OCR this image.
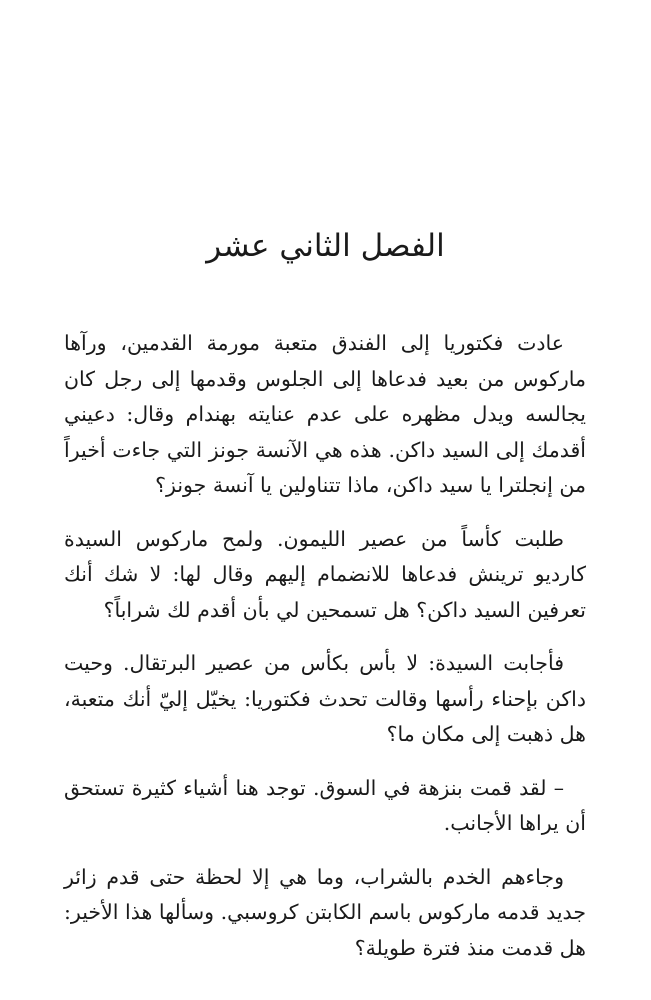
الفصل الثاني عشر

عادت فكتوريا إلى الفندق متعبة مورمة القدمين، ورآها ماركوس من بعيد فدعاها إلى الجلوس وقدمها إلى رجل كان يجالسه ويدل مظهره على عدم عنايته بهندام وقال: دعيني أقدمك إلى السيد داكن. هذه هي الآنسة جونز التي جاءت أخيراً من إنجلترا يا سيد داكن، ماذا تتناولين يا آنسة جونز؟

طلبت كأساً من عصير الليمون. ولمح ماركوس السيدة كارديو ترينش فدعاها للانضمام إليهم وقال لها: لا شك أنك تعرفين السيد داكن؟ هل تسمحين لي بأن أقدم لك شراباً؟

فأجابت السيدة: لا بأس بكأس من عصير البرتقال. وحيت داكن بإحناء رأسها وقالت تحدث فكتوريا: يخيّل إليّ أنك متعبة، هل ذهبت إلى مكان ما؟

– لقد قمت بنزهة في السوق. توجد هنا أشياء كثيرة تستحق أن يراها الأجانب.

وجاءهم الخدم بالشراب، وما هي إلا لحظة حتى قدم زائر جديد قدمه ماركوس باسم الكابتن كروسبي. وسألها هذا الأخير: هل قدمت منذ فترة طويلة؟
